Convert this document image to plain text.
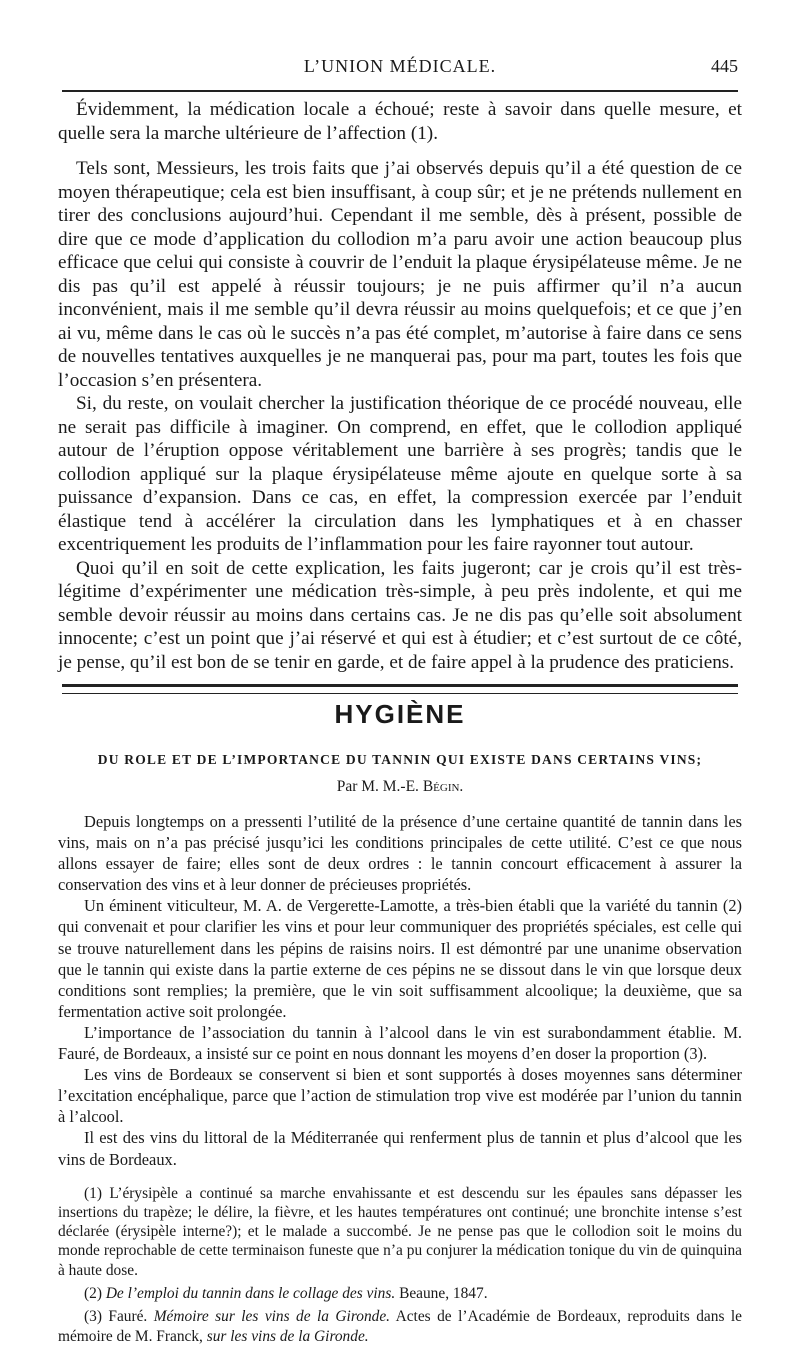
L’UNION MÉDICALE.	445

Évidemment, la médication locale a échoué; reste à savoir dans quelle mesure, et quelle sera la marche ultérieure de l’affection (1).

Tels sont, Messieurs, les trois faits que j’ai observés depuis qu’il a été question de ce moyen thérapeutique; cela est bien insuffisant, à coup sûr; et je ne prétends nullement en tirer des conclusions aujourd’hui. Cependant il me semble, dès à présent, possible de dire que ce mode d’application du collodion m’a paru avoir une action beaucoup plus efficace que celui qui consiste à couvrir de l’enduit la plaque érysipélateuse même. Je ne dis pas qu’il est appelé à réussir toujours; je ne puis affirmer qu’il n’a aucun inconvénient, mais il me semble qu’il devra réussir au moins quelquefois; et ce que j’en ai vu, même dans le cas où le succès n’a pas été complet, m’autorise à faire dans ce sens de nouvelles tentatives auxquelles je ne manquerai pas, pour ma part, toutes les fois que l’occasion s’en présentera.

Si, du reste, on voulait chercher la justification théorique de ce procédé nouveau, elle ne serait pas difficile à imaginer. On comprend, en effet, que le collodion appliqué autour de l’éruption oppose véritablement une barrière à ses progrès; tandis que le collodion appliqué sur la plaque érysipélateuse même ajoute en quelque sorte à sa puissance d’expansion. Dans ce cas, en effet, la compression exercée par l’enduit élastique tend à accélérer la circulation dans les lymphatiques et à en chasser excentriquement les produits de l’inflammation pour les faire rayonner tout autour.

Quoi qu’il en soit de cette explication, les faits jugeront; car je crois qu’il est très-légitime d’expérimenter une médication très-simple, à peu près indolente, et qui me semble devoir réussir au moins dans certains cas. Je ne dis pas qu’elle soit absolument innocente; c’est un point que j’ai réservé et qui est à étudier; et c’est surtout de ce côté, je pense, qu’il est bon de se tenir en garde, et de faire appel à la prudence des praticiens.

HYGIÈNE

DU ROLE ET DE L’IMPORTANCE DU TANNIN QUI EXISTE DANS CERTAINS VINS;

Par M. M.-E. Bégin.

Depuis longtemps on a pressenti l’utilité de la présence d’une certaine quantité de tannin dans les vins, mais on n’a pas précisé jusqu’ici les conditions principales de cette utilité. C’est ce que nous allons essayer de faire; elles sont de deux ordres : le tannin concourt efficacement à assurer la conservation des vins et à leur donner de précieuses propriétés.

Un éminent viticulteur, M. A. de Vergerette-Lamotte, a très-bien établi que la variété du tannin (2) qui convenait et pour clarifier les vins et pour leur communiquer des propriétés spéciales, est celle qui se trouve naturellement dans les pépins de raisins noirs. Il est démontré par une unanime observation que le tannin qui existe dans la partie externe de ces pépins ne se dissout dans le vin que lorsque deux conditions sont remplies; la première, que le vin soit suffisamment alcoolique; la deuxième, que sa fermentation active soit prolongée.

L’importance de l’association du tannin à l’alcool dans le vin est surabondamment établie. M. Fauré, de Bordeaux, a insisté sur ce point en nous donnant les moyens d’en doser la proportion (3).

Les vins de Bordeaux se conservent si bien et sont supportés à doses moyennes sans déterminer l’excitation encéphalique, parce que l’action de stimulation trop vive est modérée par l’union du tannin à l’alcool.

Il est des vins du littoral de la Méditerranée qui renferment plus de tannin et plus d’alcool que les vins de Bordeaux.

(1) L’érysipèle a continué sa marche envahissante et est descendu sur les épaules sans dépasser les insertions du trapèze; le délire, la fièvre, et les hautes températures ont continué; une bronchite intense s’est déclarée (érysipèle interne?); et le malade a succombé. Je ne pense pas que le collodion soit le moins du monde reprochable de cette terminaison funeste que n’a pu conjurer la médication tonique du vin de quinquina à haute dose.

(2) De l’emploi du tannin dans le collage des vins. Beaune, 1847.

(3) Fauré. Mémoire sur les vins de la Gironde. Actes de l’Académie de Bordeaux, reproduits dans le mémoire de M. Franck, sur les vins de la Gironde.
